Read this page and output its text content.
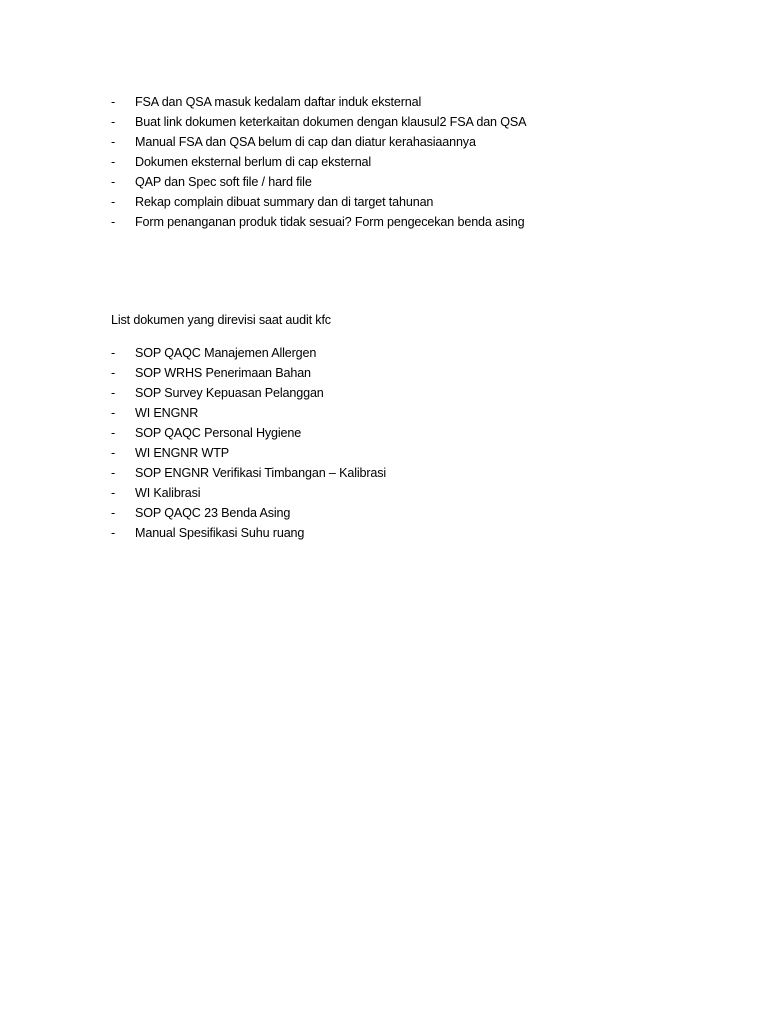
-	FSA dan QSA masuk kedalam daftar induk eksternal
-	Buat link dokumen keterkaitan dokumen dengan klausul2 FSA dan QSA
-	Manual FSA dan QSA belum di cap dan diatur kerahasiaannya
-	Dokumen eksternal berlum di cap eksternal
-	QAP dan Spec soft file / hard file
-	Rekap complain dibuat summary dan di target tahunan
-	Form penanganan produk tidak sesuai? Form pengecekan benda asing

List dokumen yang direvisi saat audit kfc

-	SOP QAQC Manajemen Allergen
-	SOP WRHS Penerimaan Bahan
-	SOP Survey Kepuasan Pelanggan
-	WI ENGNR
-	SOP QAQC Personal Hygiene
-	WI ENGNR WTP
-	SOP ENGNR Verifikasi Timbangan – Kalibrasi
-	WI Kalibrasi
-	SOP QAQC 23 Benda Asing
-	Manual Spesifikasi Suhu ruang
